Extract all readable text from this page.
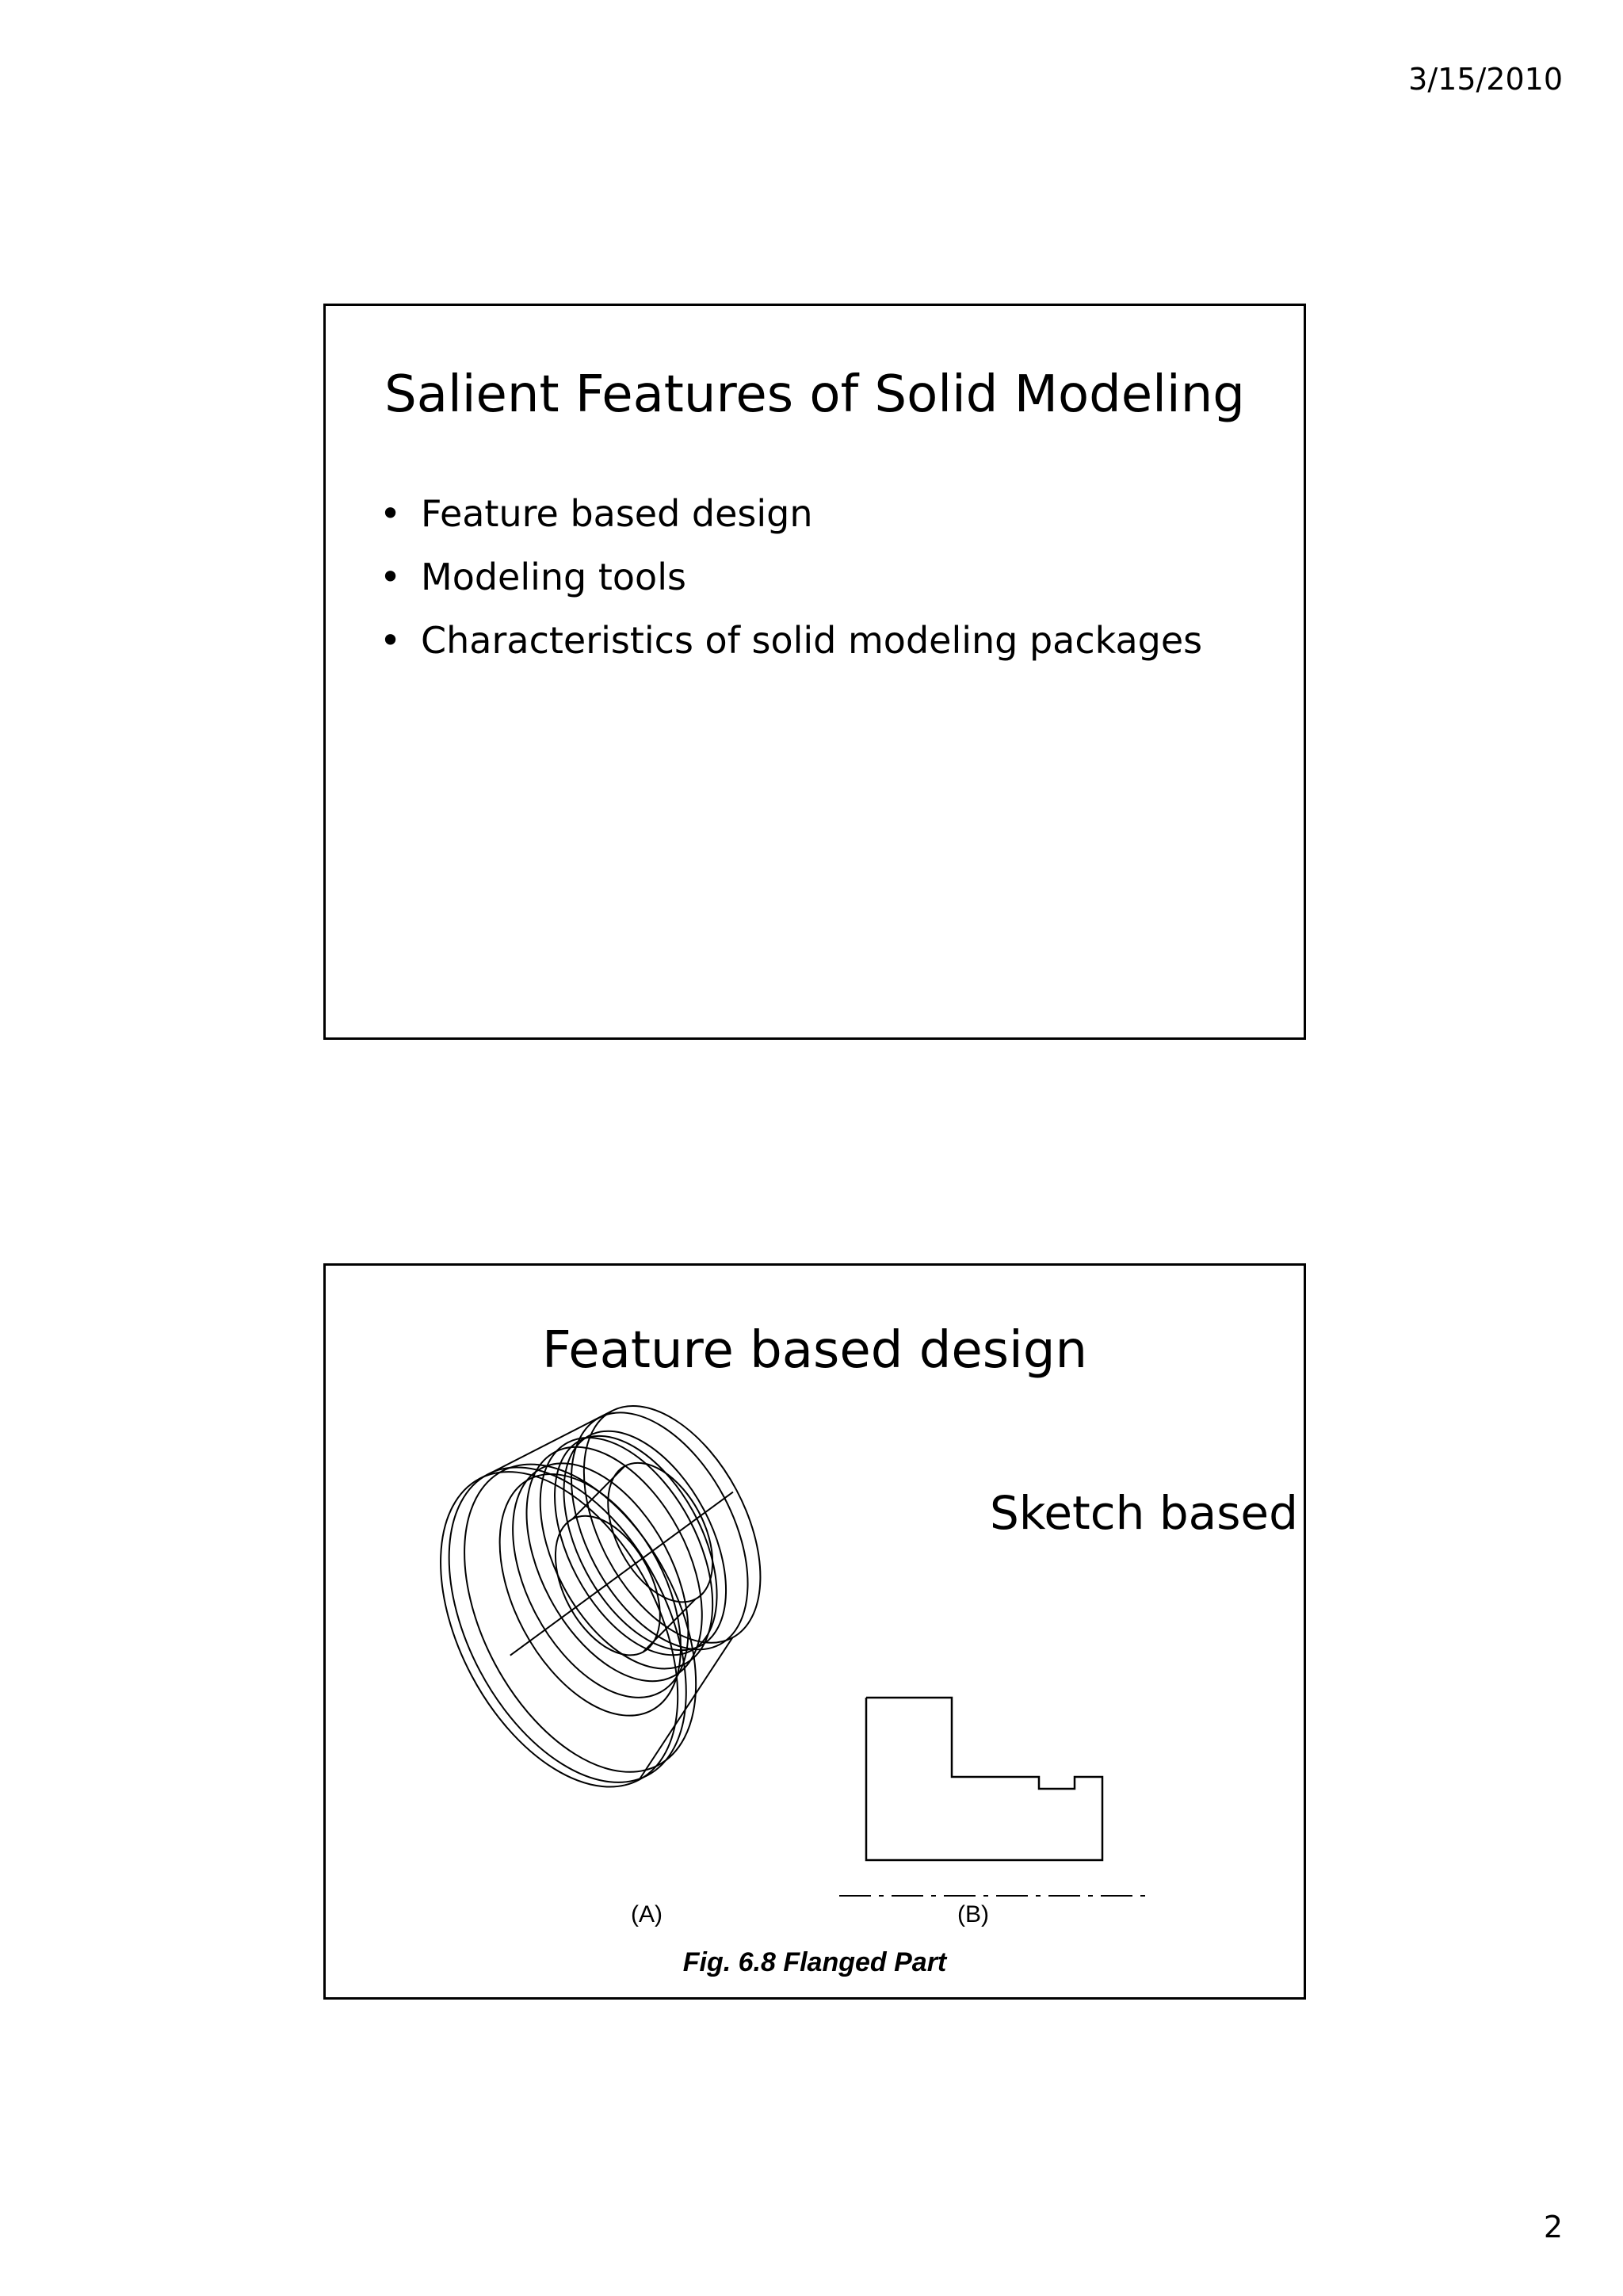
3/15/2010
Salient Features of Solid Modeling
• Feature based design
• Modeling tools
• Characteristics of solid modeling packages
Feature based design
Sketch based
(A)	(B)
Fig. 6.8 Flanged Part
2
